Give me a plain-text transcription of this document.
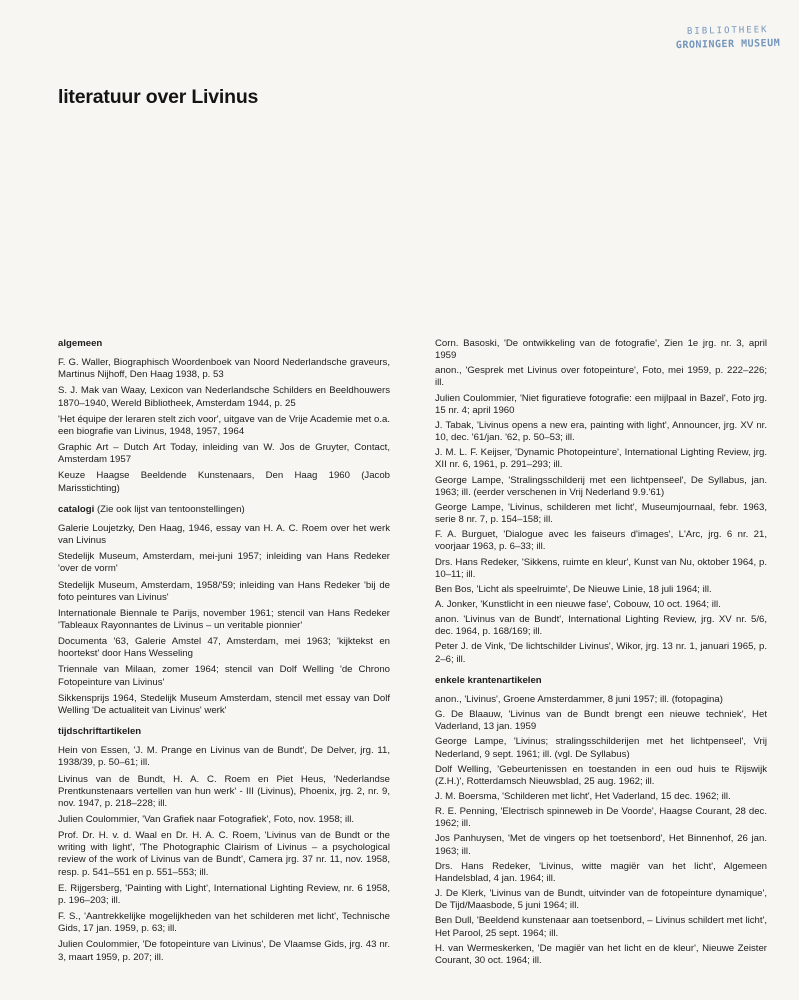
BIBLIOTHEEK
GRONINGER MUSEUM
literatuur over Livinus
algemeen
F. G. Waller, Biographisch Woordenboek van Noord Nederlandsche graveurs, Martinus Nijhoff, Den Haag 1938, p. 53
S. J. Mak van Waay, Lexicon van Nederlandsche Schilders en Beeldhouwers 1870–1940, Wereld Bibliotheek, Amsterdam 1944, p. 25
'Het équipe der leraren stelt zich voor', uitgave van de Vrije Academie met o.a. een biografie van Livinus, 1948, 1957, 1964
Graphic Art – Dutch Art Today, inleiding van W. Jos de Gruyter, Contact, Amsterdam 1957
Keuze Haagse Beeldende Kunstenaars, Den Haag 1960 (Jacob Marisstichting)
catalogi (Zie ook lijst van tentoonstellingen)
Galerie Loujetzky, Den Haag, 1946, essay van H. A. C. Roem over het werk van Livinus
Stedelijk Museum, Amsterdam, mei-juni 1957; inleiding van Hans Redeker 'over de vorm'
Stedelijk Museum, Amsterdam, 1958/'59; inleiding van Hans Redeker 'bij de foto peintures van Livinus'
Internationale Biennale te Parijs, november 1961; stencil van Hans Redeker 'Tableaux Rayonnantes de Livinus – un veritable pionnier'
Documenta '63, Galerie Amstel 47, Amsterdam, mei 1963; 'kijktekst en hoortekst' door Hans Wesseling
Triennale van Milaan, zomer 1964; stencil van Dolf Welling 'de Chrono Fotopeinture van Livinus'
Sikkensprijs 1964, Stedelijk Museum Amsterdam, stencil met essay van Dolf Welling 'De actualiteit van Livinus' werk'
tijdschriftartikelen
Hein von Essen, 'J. M. Prange en Livinus van de Bundt', De Delver, jrg. 11, 1938/39, p. 50–61; ill.
Livinus van de Bundt, H. A. C. Roem en Piet Heus, 'Nederlandse Prentkunstenaars vertellen van hun werk' - III (Livinus), Phoenix, jrg. 2, nr. 9, nov. 1947, p. 218–228; ill.
Julien Coulommier, 'Van Grafiek naar Fotografiek', Foto, nov. 1958; ill.
Prof. Dr. H. v. d. Waal en Dr. H. A. C. Roem, 'Livinus van de Bundt or the writing with light', 'The Photographic Clairism of Livinus – a psychological review of the work of Livinus van de Bundt', Camera jrg. 37 nr. 11, nov. 1958, resp. p. 541–551 en p. 551–553; ill.
E. Rijgersberg, 'Painting with Light', International Lighting Review, nr. 6 1958, p. 196–203; ill.
F. S., 'Aantrekkelijke mogelijkheden van het schilderen met licht', Technische Gids, 17 jan. 1959, p. 63; ill.
Julien Coulommier, 'De fotopeinture van Livinus', De Vlaamse Gids, jrg. 43 nr. 3, maart 1959, p. 207; ill.
Corn. Basoski, 'De ontwikkeling van de fotografie', Zien 1e jrg. nr. 3, april 1959
anon., 'Gesprek met Livinus over fotopeinture', Foto, mei 1959, p. 222–226; ill.
Julien Coulommier, 'Niet figuratieve fotografie: een mijlpaal in Bazel', Foto jrg. 15 nr. 4; april 1960
J. Tabak, 'Livinus opens a new era, painting with light', Announcer, jrg. XV nr. 10, dec. '61/jan. '62, p. 50–53; ill.
J. M. L. F. Keijser, 'Dynamic Photopeinture', International Lighting Review, jrg. XII nr. 6, 1961, p. 291–293; ill.
George Lampe, 'Stralingsschilderij met een lichtpenseel', De Syllabus, jan. 1963; ill. (eerder verschenen in Vrij Nederland 9.9.'61)
George Lampe, 'Livinus, schilderen met licht', Museumjournaal, febr. 1963, serie 8 nr. 7, p. 154–158; ill.
F. A. Burguet, 'Dialogue avec les faiseurs d'images', L'Arc, jrg. 6 nr. 21, voorjaar 1963, p. 6–33; ill.
Drs. Hans Redeker, 'Sikkens, ruimte en kleur', Kunst van Nu, oktober 1964, p. 10–11; ill.
Ben Bos, 'Licht als speelruimte', De Nieuwe Linie, 18 juli 1964; ill.
A. Jonker, 'Kunstlicht in een nieuwe fase', Cobouw, 10 oct. 1964; ill.
anon. 'Livinus van de Bundt', International Lighting Review, jrg. XV nr. 5/6, dec. 1964, p. 168/169; ill.
Peter J. de Vink, 'De lichtschilder Livinus', Wikor, jrg. 13 nr. 1, januari 1965, p. 2–6; ill.
enkele krantenartikelen
anon., 'Livinus', Groene Amsterdammer, 8 juni 1957; ill. (fotopagina)
G. De Blaauw, 'Livinus van de Bundt brengt een nieuwe techniek', Het Vaderland, 13 jan. 1959
George Lampe, 'Livinus; stralingsschilderijen met het lichtpenseel', Vrij Nederland, 9 sept. 1961; ill. (vgl. De Syllabus)
Dolf Welling, 'Gebeurtenissen en toestanden in een oud huis te Rijswijk (Z.H.)', Rotterdamsch Nieuwsblad, 25 aug. 1962; ill.
J. M. Boersma, 'Schilderen met licht', Het Vaderland, 15 dec. 1962; ill.
R. E. Penning, 'Electrisch spinneweb in De Voorde', Haagse Courant, 28 dec. 1962; ill.
Jos Panhuysen, 'Met de vingers op het toetsenbord', Het Binnenhof, 26 jan. 1963; ill.
Drs. Hans Redeker, 'Livinus, witte magiër van het licht', Algemeen Handelsblad, 4 jan. 1964; ill.
J. De Klerk, 'Livinus van de Bundt, uitvinder van de fotopeinture dynamique', De Tijd/Maasbode, 5 juni 1964; ill.
Ben Dull, 'Beeldend kunstenaar aan toetsenbord, – Livinus schildert met licht', Het Parool, 25 sept. 1964; ill.
H. van Wermeskerken, 'De magiër van het licht en de kleur', Nieuwe Zeister Courant, 30 oct. 1964; ill.
